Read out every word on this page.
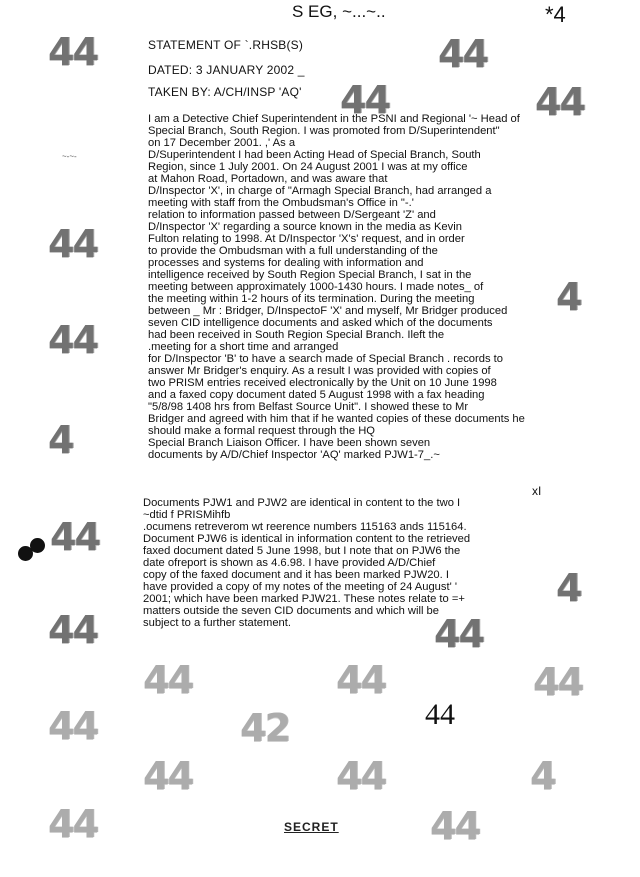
S EG, ~...~..	*4
STATEMENT OF `.RHSB(S)
DATED: 3 JANUARY 2002 _
TAKEN BY: A/CH/INSP 'AQ'
44	44
44	44
~-~-
44
4
44
4
44
4
44	44
I am a Detective Chief Superintendent in the PSNI and Regional '~ Head of
Special Branch, South Region. I was promoted from D/Superintendent"
on 17 December 2001. ,' As a
D/Superintendent I had been Acting Head of Special Branch, South
Region, since 1 July 2001. On 24 August 2001 I was at my office
at Mahon Road, Portadown, and was aware that
D/Inspector 'X', in charge of "Armagh Special Branch, had arranged a
meeting with staff from the Ombudsman's Office in "-.'
relation to information passed between D/Sergeant 'Z' and
D/Inspector 'X' regarding a source known in the media as Kevin
Fulton relating to 1998. At D/Inspector 'X's' request, and in order
to provide the Ombudsman with a full understanding of the
processes and systems for dealing with information and
intelligence received by South Region Special Branch, I sat in the
meeting between approximately 1000-1430 hours. I made notes_ of
the meeting within 1-2 hours of its termination. During the meeting
between _ Mr : Bridger, D/InspectoF 'X' and myself, Mr Bridger produced
seven CID intelligence documents and asked which of the documents
had been received in South Region Special Branch. Ileft the
.meeting for a short time and arranged
for D/Inspector 'B' to have a search made of Special Branch . records to
answer Mr Bridger's enquiry. As a result I was provided with copies of
two PRISM entries received electronically by the Unit on 10 June 1998
and a faxed copy document dated 5 August 1998 with a fax heading
"5/8/98 1408 hrs from Belfast Source Unit". I showed these to Mr
Bridger and agreed with him that if he wanted copies of these documents he
should make a formal request through the HQ
Special Branch Liaison Officer. I have been shown seven
documents by A/D/Chief Inspector 'AQ' marked PJW1-7_.~
xI
Documents PJW1 and PJW2 are identical in content to the two I
~dtid f PRISMihfb
.ocumens retreverom wt reerence numbers 115163 ands 115164.
Document PJW6 is identical in information content to the retrieved
faxed document dated 5 June 1998, but I note that on PJW6 the
date ofreport is shown as 4.6.98. I have provided A/D/Chief
copy of the faxed document and it has been marked PJW20. I
have provided a copy of my notes of the meeting of 24 August' '
2001; which have been marked PJW21. These notes relate to =+
matters outside the seven CID documents and which will be
subject to a further statement.
44	44	44
44	42	44
44	44	4
44	SECRET 44
